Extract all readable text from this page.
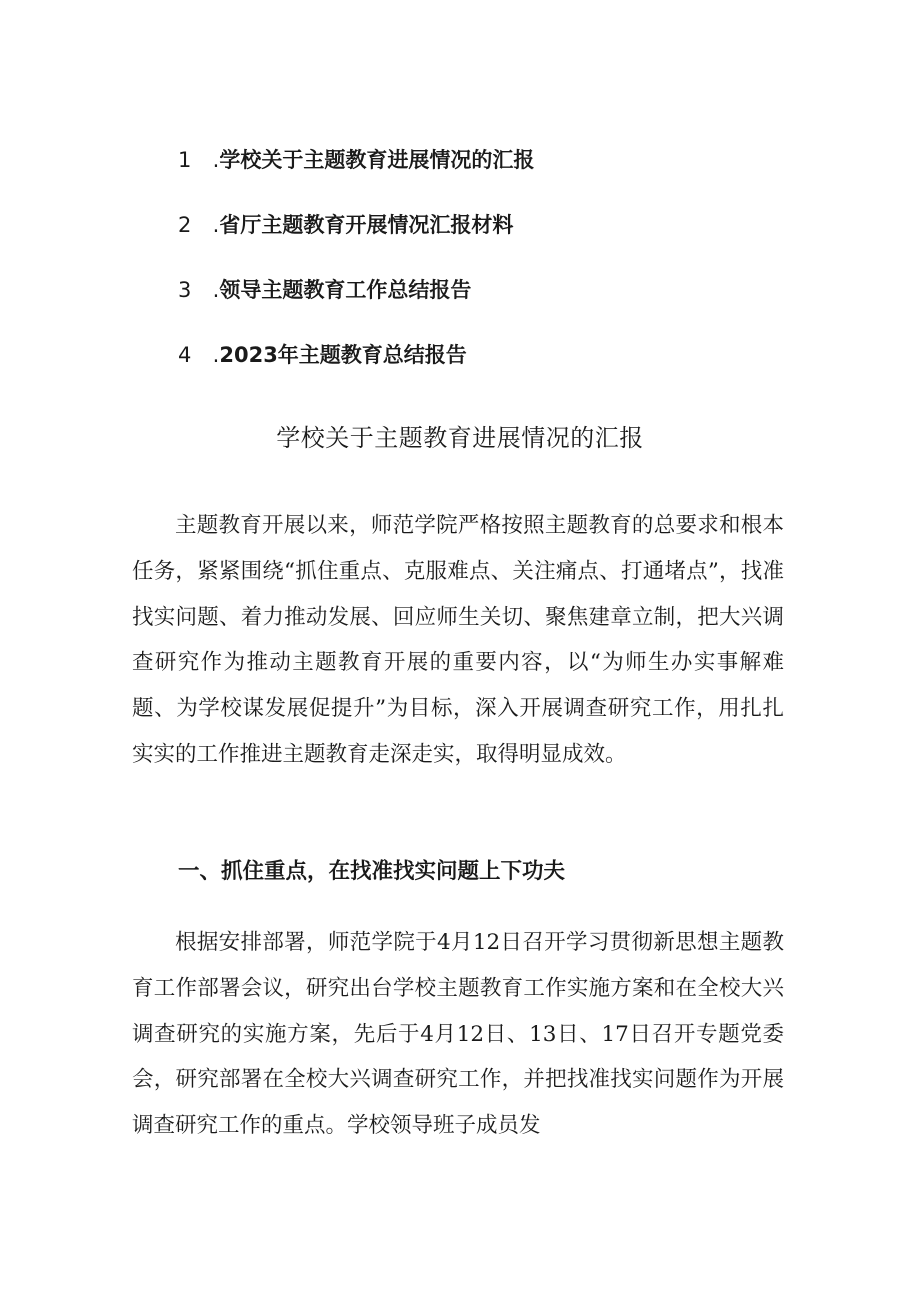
1 .学校关于主题教育进展情况的汇报
2 .省厅主题教育开展情况汇报材料
3 .领导主题教育工作总结报告
4 .2023年主题教育总结报告
学校关于主题教育进展情况的汇报

主题教育开展以来，师范学院严格按照主题教育的总要求和根本任务，紧紧围绕“抓住重点、克服难点、关注痛点、打通堵点”，找准找实问题、着力推动发展、回应师生关切、聚焦建章立制，把大兴调查研究作为推动主题教育开展的重要内容，以“为师生办实事解难题、为学校谋发展促提升”为目标，深入开展调查研究工作，用扎扎实实的工作推进主题教育走深走实，取得明显成效。

一、抓住重点，在找准找实问题上下功夫

根据安排部署，师范学院于4月12日召开学习贯彻新思想主题教育工作部署会议，研究出台学校主题教育工作实施方案和在全校大兴调查研究的实施方案，先后于4月12日、13日、17日召开专题党委会，研究部署在全校大兴调查研究工作，并把找准找实问题作为开展调查研究工作的重点。学校领导班子成员发
